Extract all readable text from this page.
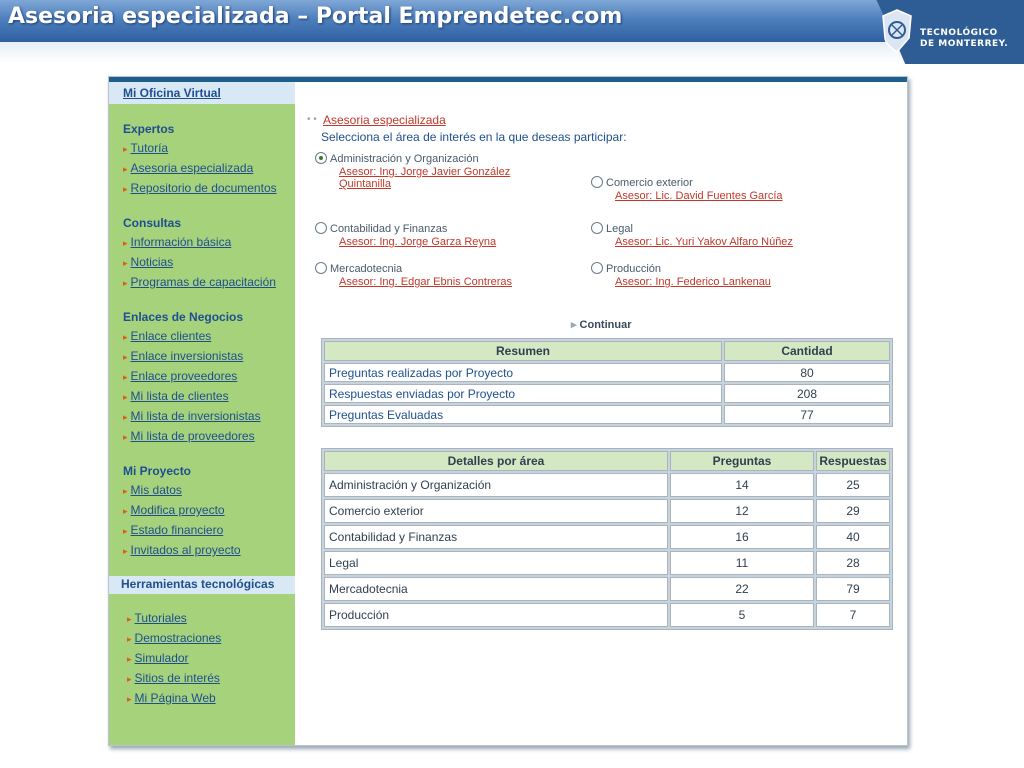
Asesoria especializada – Portal Emprendetec.com
TECNOLÓGICO
DE MONTERREY.
Mi Oficina Virtual
Expertos
▸ Tutoría
▸ Asesoria especializada
▸ Repositorio de documentos
Consultas
▸ Información básica
▸ Noticias
▸ Programas de capacitación
Enlaces de Negocios
▸ Enlace clientes
▸ Enlace inversionistas
▸ Enlace proveedores
▸ Mi lista de clientes
▸ Mi lista de inversionistas
▸ Mi lista de proveedores
Mi Proyecto
▸ Mis datos
▸ Modifica proyecto
▸ Estado financiero
▸ Invitados al proyecto
Herramientas tecnológicas
▸ Tutoriales
▸ Demostraciones
▸ Simulador
▸ Sitios de interés
▸ Mi Página Web
• • Asesoria especializada
Selecciona el área de interés en la que deseas participar:
Administración y Organización
Asesor: Ing. Jorge Javier González Quintanilla	Comercio exterior
Asesor: Lic. David Fuentes García
Contabilidad y Finanzas
Asesor: Ing. Jorge Garza Reyna
Legal
Asesor: Lic. Yuri Yakov Alfaro Núñez
Mercadotecnia
Asesor: Ing. Edgar Ebnis Contreras
Producción
Asesor: Ing. Federico Lankenau
▸ Continuar
Resumen	Cantidad
Preguntas realizadas por Proyecto	80
Respuestas enviadas por Proyecto	208
Preguntas Evaluadas	77
Detalles por área	Preguntas	Respuestas
Administración y Organización	14	25
Comercio exterior	12	29
Contabilidad y Finanzas	16	40
Legal	11	28
Mercadotecnia	22	79
Producción	5	7
